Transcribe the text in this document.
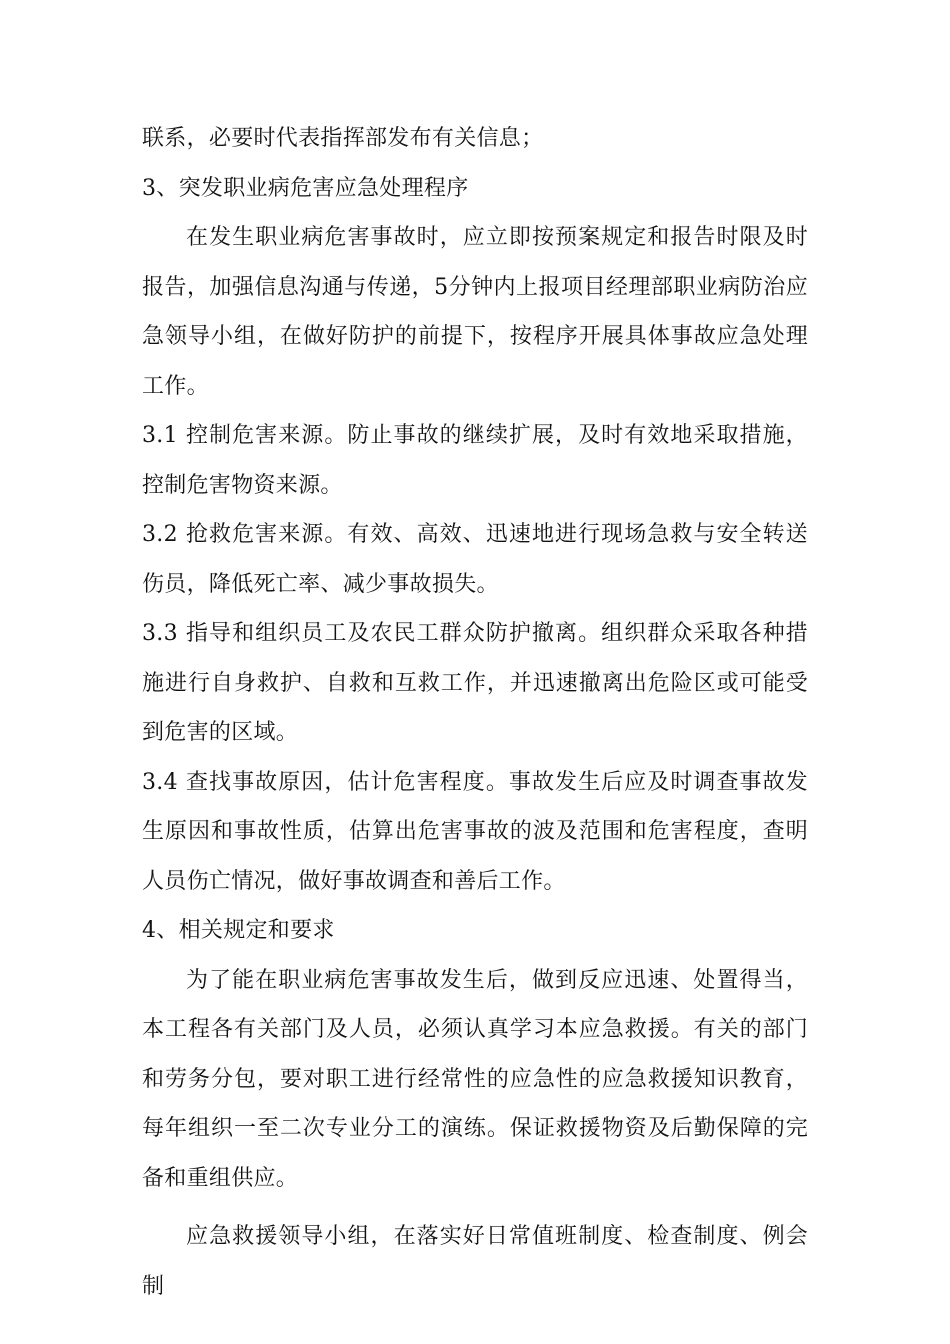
联系，必要时代表指挥部发布有关信息；

3、突发职业病危害应急处理程序

在发生职业病危害事故时，应立即按预案规定和报告时限及时报告，加强信息沟通与传递，5分钟内上报项目经理部职业病防治应急领导小组，在做好防护的前提下，按程序开展具体事故应急处理工作。

3.1 控制危害来源。防止事故的继续扩展，及时有效地采取措施，控制危害物资来源。

3.2 抢救危害来源。有效、高效、迅速地进行现场急救与安全转送伤员，降低死亡率、减少事故损失。

3.3 指导和组织员工及农民工群众防护撤离。组织群众采取各种措施进行自身救护、自救和互救工作，并迅速撤离出危险区或可能受到危害的区域。

3.4 查找事故原因，估计危害程度。事故发生后应及时调查事故发生原因和事故性质，估算出危害事故的波及范围和危害程度，查明人员伤亡情况，做好事故调查和善后工作。

4、相关规定和要求

为了能在职业病危害事故发生后，做到反应迅速、处置得当，本工程各有关部门及人员，必须认真学习本应急救援。有关的部门和劳务分包，要对职工进行经常性的应急性的应急救援知识教育，每年组织一至二次专业分工的演练。保证救援物资及后勤保障的完备和重组供应。

应急救援领导小组，在落实好日常值班制度、检查制度、例会制
